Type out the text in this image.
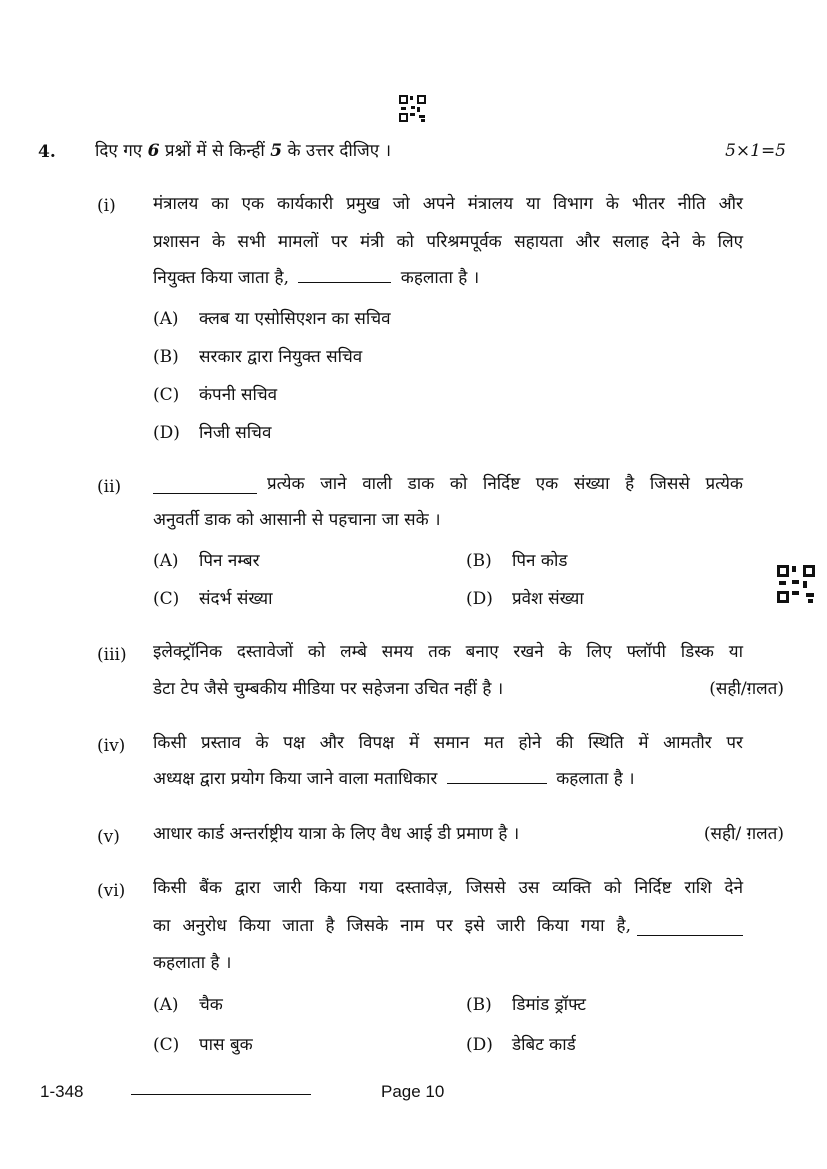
4. दिए गए 6 प्रश्नों में से किन्हीं 5 के उत्तर दीजिए ।	5×1=5
(i) मंत्रालय का एक कार्यकारी प्रमुख जो अपने मंत्रालय या विभाग के भीतर नीति और
प्रशासन के सभी मामलों पर मंत्री को परिश्रमपूर्वक सहायता और सलाह देने के लिए
नियुक्त किया जाता है,	कहलाता है ।
(A) क्लब या एसोसिएशन का सचिव
(B) सरकार द्वारा नियुक्त सचिव
(C) कंपनी सचिव
(D) निजी सचिव
(ii)	प्रत्येक जाने वाली डाक को निर्दिष्ट एक संख्या है जिससे प्रत्येक
अनुवर्ती डाक को आसानी से पहचाना जा सके ।
(A) पिन नम्बर	(B) पिन कोड
(C) संदर्भ संख्या	(D) प्रवेश संख्या
(iii) इलेक्ट्रॉनिक दस्तावेजों को लम्बे समय तक बनाए रखने के लिए फ्लॉपी डिस्क या
डेटा टेप जैसे चुम्बकीय मीडिया पर सहेजना उचित नहीं है ।	(सही/ग़लत)
(iv) किसी प्रस्ताव के पक्ष और विपक्ष में समान मत होने की स्थिति में आमतौर पर
अध्यक्ष द्वारा प्रयोग किया जाने वाला मताधिकार	कहलाता है ।
(v) आधार कार्ड अन्तर्राष्ट्रीय यात्रा के लिए वैध आई डी प्रमाण है ।	(सही/ ग़लत)
(vi) किसी बैंक द्वारा जारी किया गया दस्तावेज़, जिससे उस व्यक्ति को निर्दिष्ट राशि देने
का अनुरोध किया जाता है जिसके नाम पर इसे जारी किया गया है,
कहलाता है ।
(A) चैक	(B) डिमांड ड्रॉफ्ट
(C) पास बुक	(D) डेबिट कार्ड
1-348	Page 10
